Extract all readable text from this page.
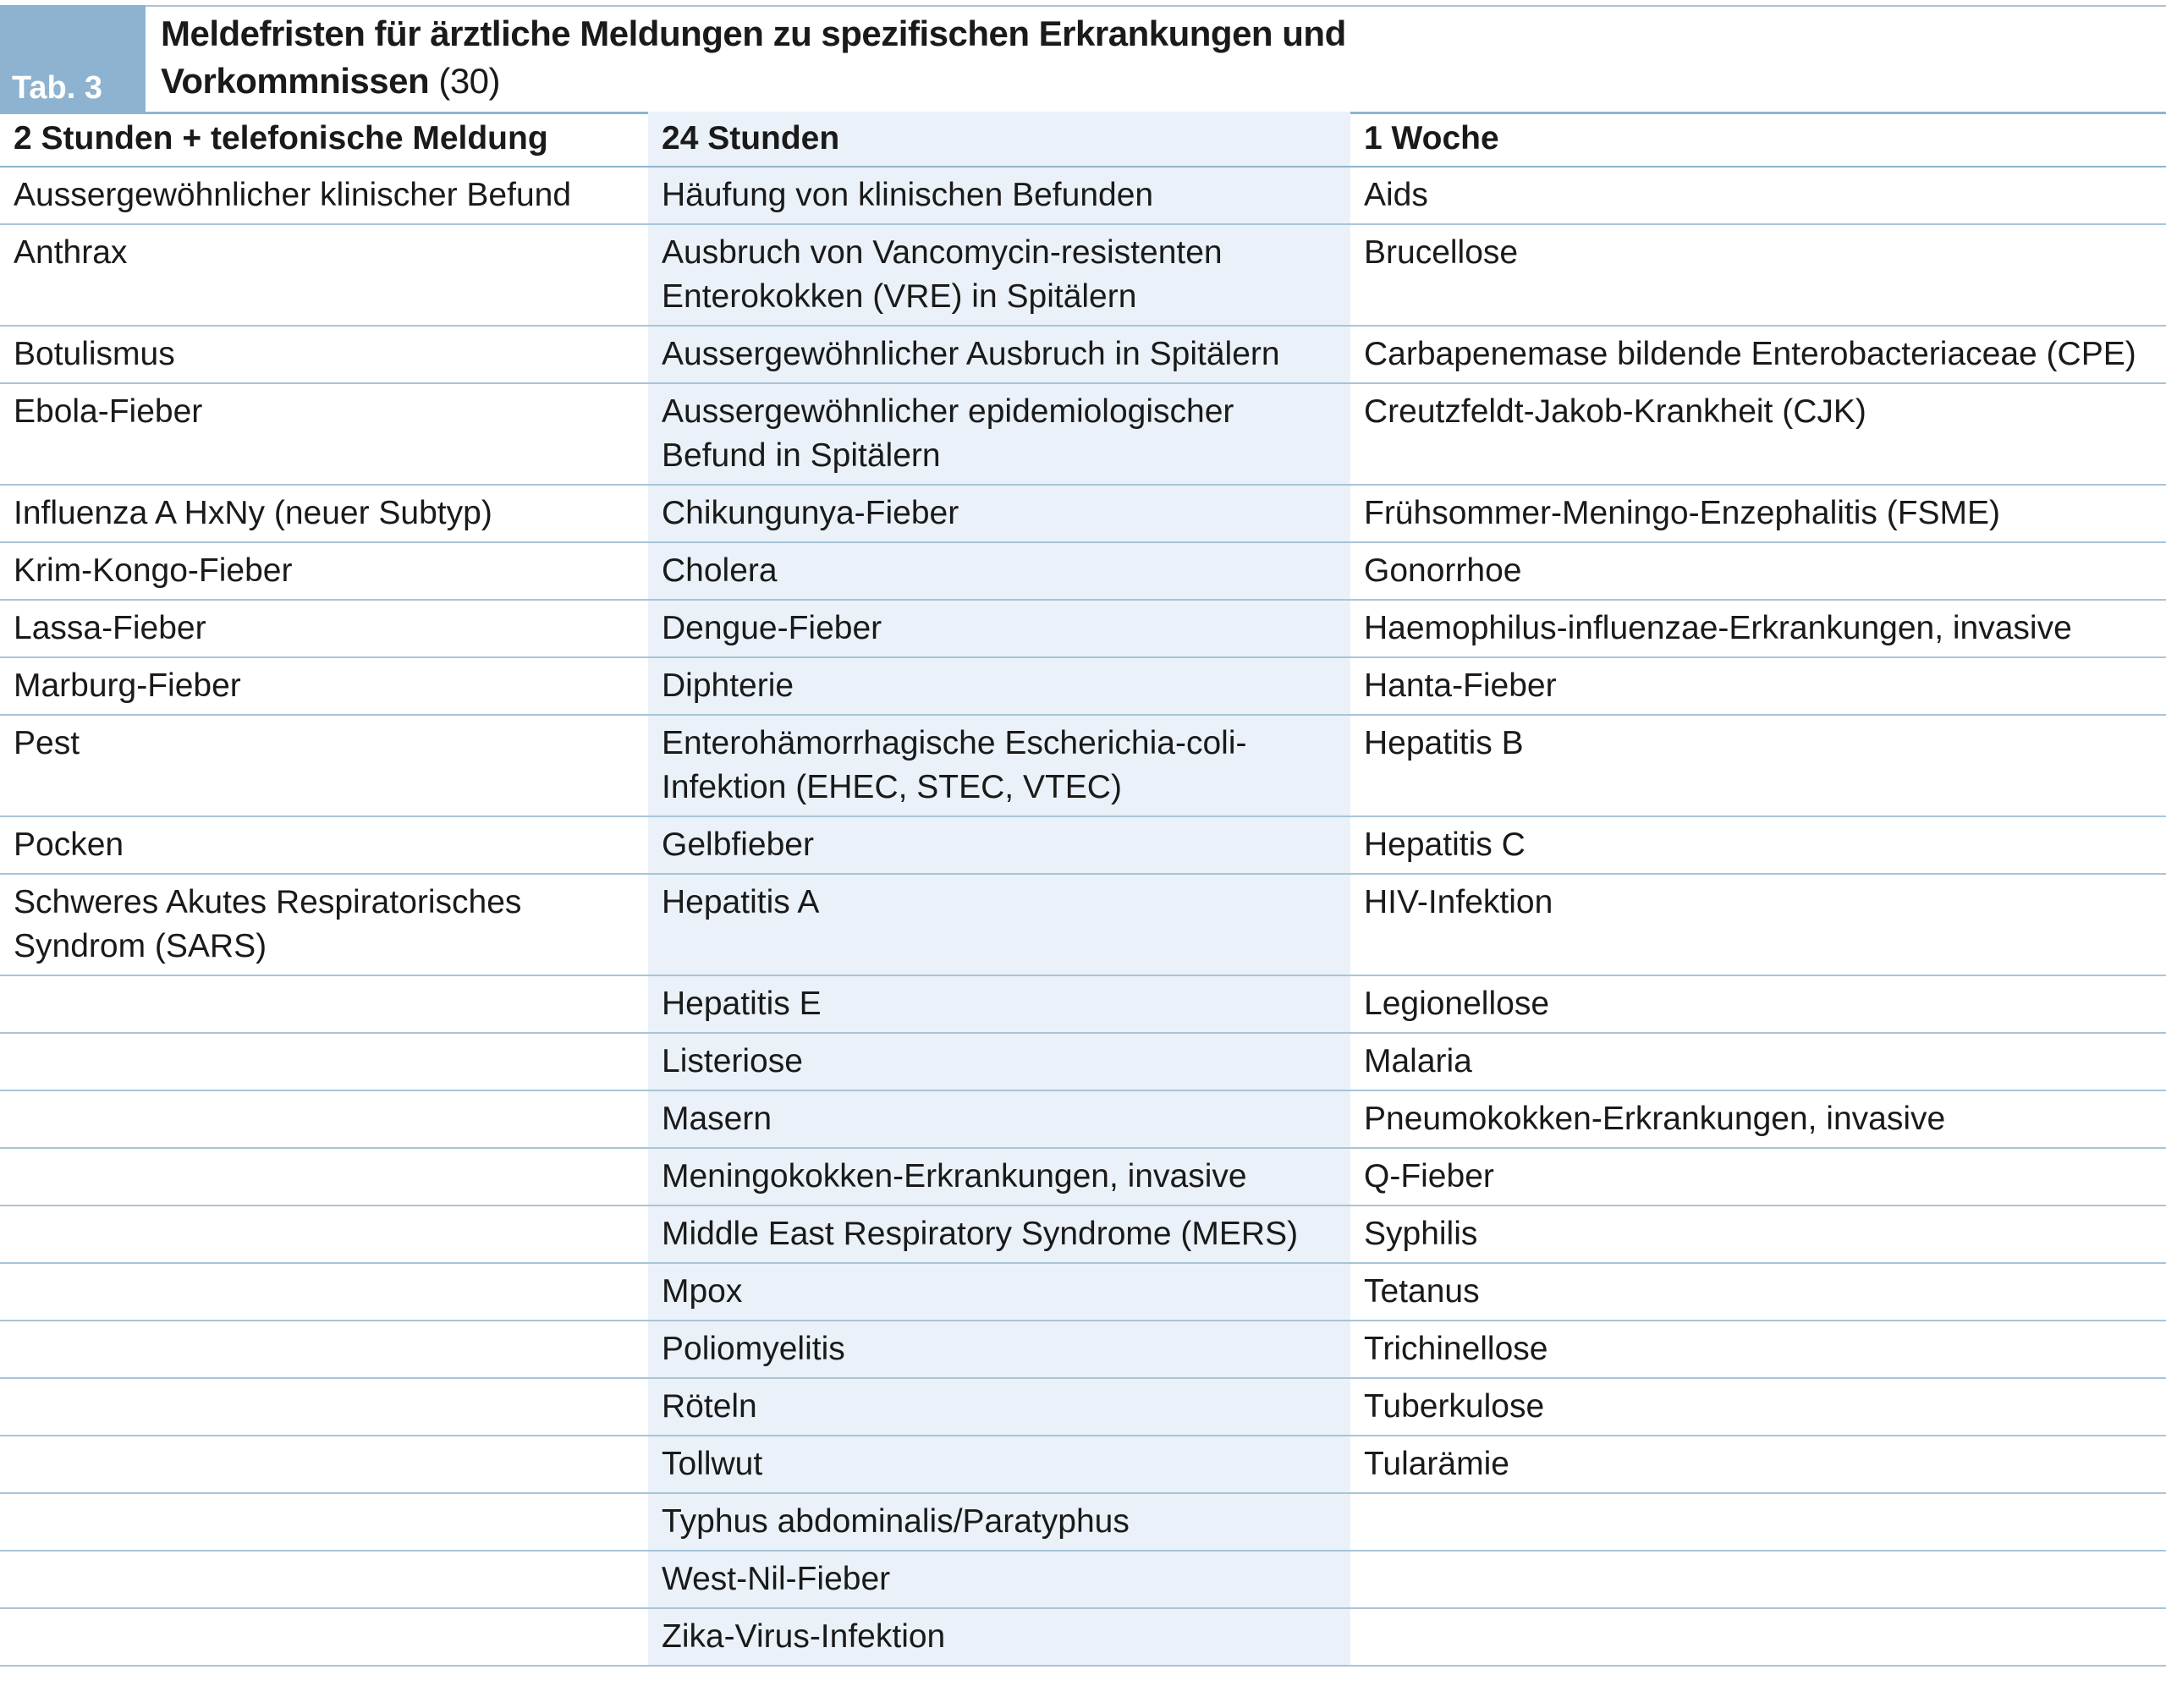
Tab. 3
Meldefristen für ärztliche Meldungen zu spezifischen Erkrankungen und Vorkommnissen (30)
2 Stunden + telefonische Meldung	24 Stunden	1 Woche
Aussergewöhnlicher klinischer Befund	Häufung von klinischen Befunden	Aids
Anthrax	Ausbruch von Vancomycin-resistenten Enterokokken (VRE) in Spitälern	Brucellose
Botulismus	Aussergewöhnlicher Ausbruch in Spitälern	Carbapenemase bildende Enterobacteriaceae (CPE)
Ebola-Fieber	Aussergewöhnlicher epidemiologischer Befund in Spitälern	Creutzfeldt-Jakob-Krankheit (CJK)
Influenza A HxNy (neuer Subtyp)	Chikungunya-Fieber	Frühsommer-Meningo-Enzephalitis (FSME)
Krim-Kongo-Fieber	Cholera	Gonorrhoe
Lassa-Fieber	Dengue-Fieber	Haemophilus-influenzae-Erkrankungen, invasive
Marburg-Fieber	Diphterie	Hanta-Fieber
Pest	Enterohämorrhagische Escherichia-coli-Infektion (EHEC, STEC, VTEC)	Hepatitis B
Pocken	Gelbfieber	Hepatitis C
Schweres Akutes Respiratorisches Syndrom (SARS)	Hepatitis A	HIV-Infektion
	Hepatitis E	Legionellose
	Listeriose	Malaria
	Masern	Pneumokokken-Erkrankungen, invasive
	Meningokokken-Erkrankungen, invasive	Q-Fieber
	Middle East Respiratory Syndrome (MERS)	Syphilis
	Mpox	Tetanus
	Poliomyelitis	Trichinellose
	Röteln	Tuberkulose
	Tollwut	Tularämie
	Typhus abdominalis/Paratyphus	
	West-Nil-Fieber	
	Zika-Virus-Infektion	
